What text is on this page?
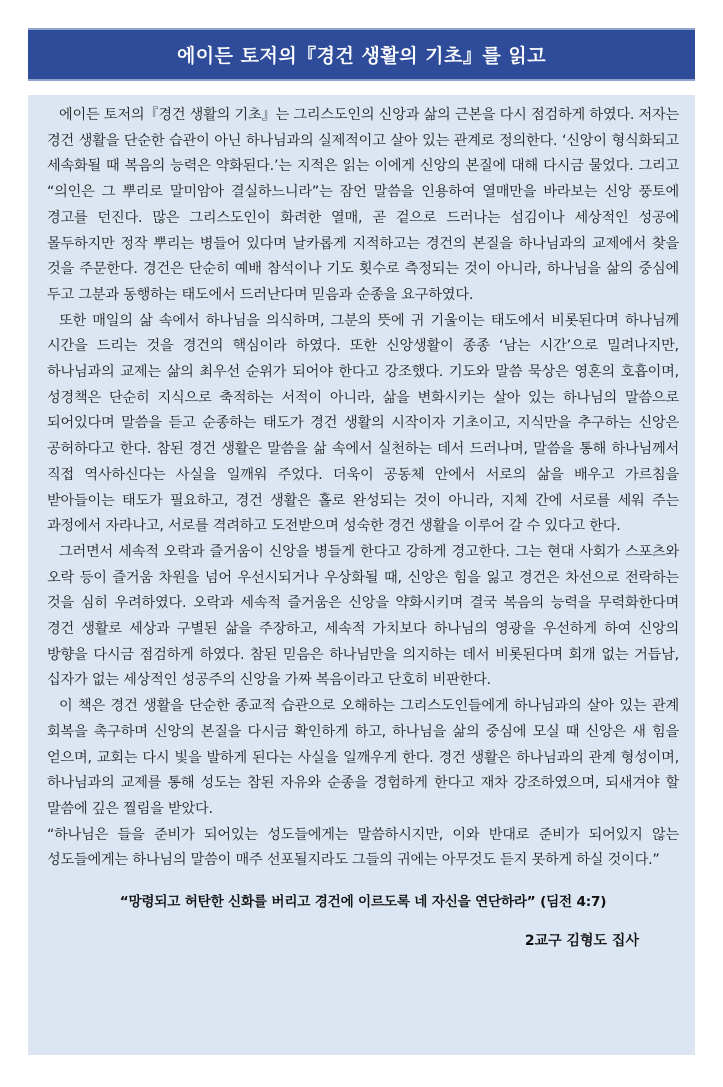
에이든 토저의『경건 생활의 기초』를 읽고

에이든 토저의『경건 생활의 기초』는 그리스도인의 신앙과 삶의 근본을 다시 점검하게 하였다. 저자는 경건 생활을 단순한 습관이 아닌 하나님과의 실제적이고 살아 있는 관계로 정의한다. ‘신앙이 형식화되고 세속화될 때 복음의 능력은 약화된다.’는 지적은 읽는 이에게 신앙의 본질에 대해 다시금 물었다. 그리고 “의인은 그 뿌리로 말미암아 결실하느니라”는 잠언 말씀을 인용하여 열매만을 바라보는 신앙 풍토에 경고를 던진다. 많은 그리스도인이 화려한 열매, 곧 겉으로 드러나는 섬김이나 세상적인 성공에 몰두하지만 정작 뿌리는 병들어 있다며 날카롭게 지적하고는 경건의 본질을 하나님과의 교제에서 찾을 것을 주문한다. 경건은 단순히 예배 참석이나 기도 횟수로 측정되는 것이 아니라, 하나님을 삶의 중심에 두고 그분과 동행하는 태도에서 드러난다며 믿음과 순종을 요구하였다.

또한 매일의 삶 속에서 하나님을 의식하며, 그분의 뜻에 귀 기울이는 태도에서 비롯된다며 하나님께 시간을 드리는 것을 경건의 핵심이라 하였다. 또한 신앙생활이 종종 ‘남는 시간’으로 밀려나지만, 하나님과의 교제는 삶의 최우선 순위가 되어야 한다고 강조했다. 기도와 말씀 묵상은 영혼의 호흡이며, 성경책은 단순히 지식으로 축적하는 서적이 아니라, 삶을 변화시키는 살아 있는 하나님의 말씀으로 되어있다며 말씀을 듣고 순종하는 태도가 경건 생활의 시작이자 기초이고, 지식만을 추구하는 신앙은 공허하다고 한다. 참된 경건 생활은 말씀을 삶 속에서 실천하는 데서 드러나며, 말씀을 통해 하나님께서 직접 역사하신다는 사실을 일깨워 주었다. 더욱이 공동체 안에서 서로의 삶을 배우고 가르침을 받아들이는 태도가 필요하고, 경건 생활은 홀로 완성되는 것이 아니라, 지체 간에 서로를 세워 주는 과정에서 자라나고, 서로를 격려하고 도전받으며 성숙한 경건 생활을 이루어 갈 수 있다고 한다.

그러면서 세속적 오락과 즐거움이 신앙을 병들게 한다고 강하게 경고한다. 그는 현대 사회가 스포츠와 오락 등이 즐거움 차원을 넘어 우선시되거나 우상화될 때, 신앙은 힘을 잃고 경건은 차선으로 전락하는 것을 심히 우려하였다. 오락과 세속적 즐거움은 신앙을 약화시키며 결국 복음의 능력을 무력화한다며 경건 생활로 세상과 구별된 삶을 주장하고, 세속적 가치보다 하나님의 영광을 우선하게 하여 신앙의 방향을 다시금 점검하게 하였다. 참된 믿음은 하나님만을 의지하는 데서 비롯된다며 회개 없는 거듭남, 십자가 없는 세상적인 성공주의 신앙을 가짜 복음이라고 단호히 비판한다.

이 책은 경건 생활을 단순한 종교적 습관으로 오해하는 그리스도인들에게 하나님과의 살아 있는 관계 회복을 촉구하며 신앙의 본질을 다시금 확인하게 하고, 하나님을 삶의 중심에 모실 때 신앙은 새 힘을 얻으며, 교회는 다시 빛을 발하게 된다는 사실을 일깨우게 한다. 경건 생활은 하나님과의 관계 형성이며, 하나님과의 교제를 통해 성도는 참된 자유와 순종을 경험하게 한다고 재차 강조하였으며, 되새겨야 할 말씀에 깊은 찔림을 받았다.

“하나님은 들을 준비가 되어있는 성도들에게는 말씀하시지만, 이와 반대로 준비가 되어있지 않는 성도들에게는 하나님의 말씀이 매주 선포될지라도 그들의 귀에는 아무것도 듣지 못하게 하실 것이다.”

“망령되고 허탄한 신화를 버리고 경건에 이르도록 네 자신을 연단하라” (딤전 4:7)
2교구 김형도 집사
